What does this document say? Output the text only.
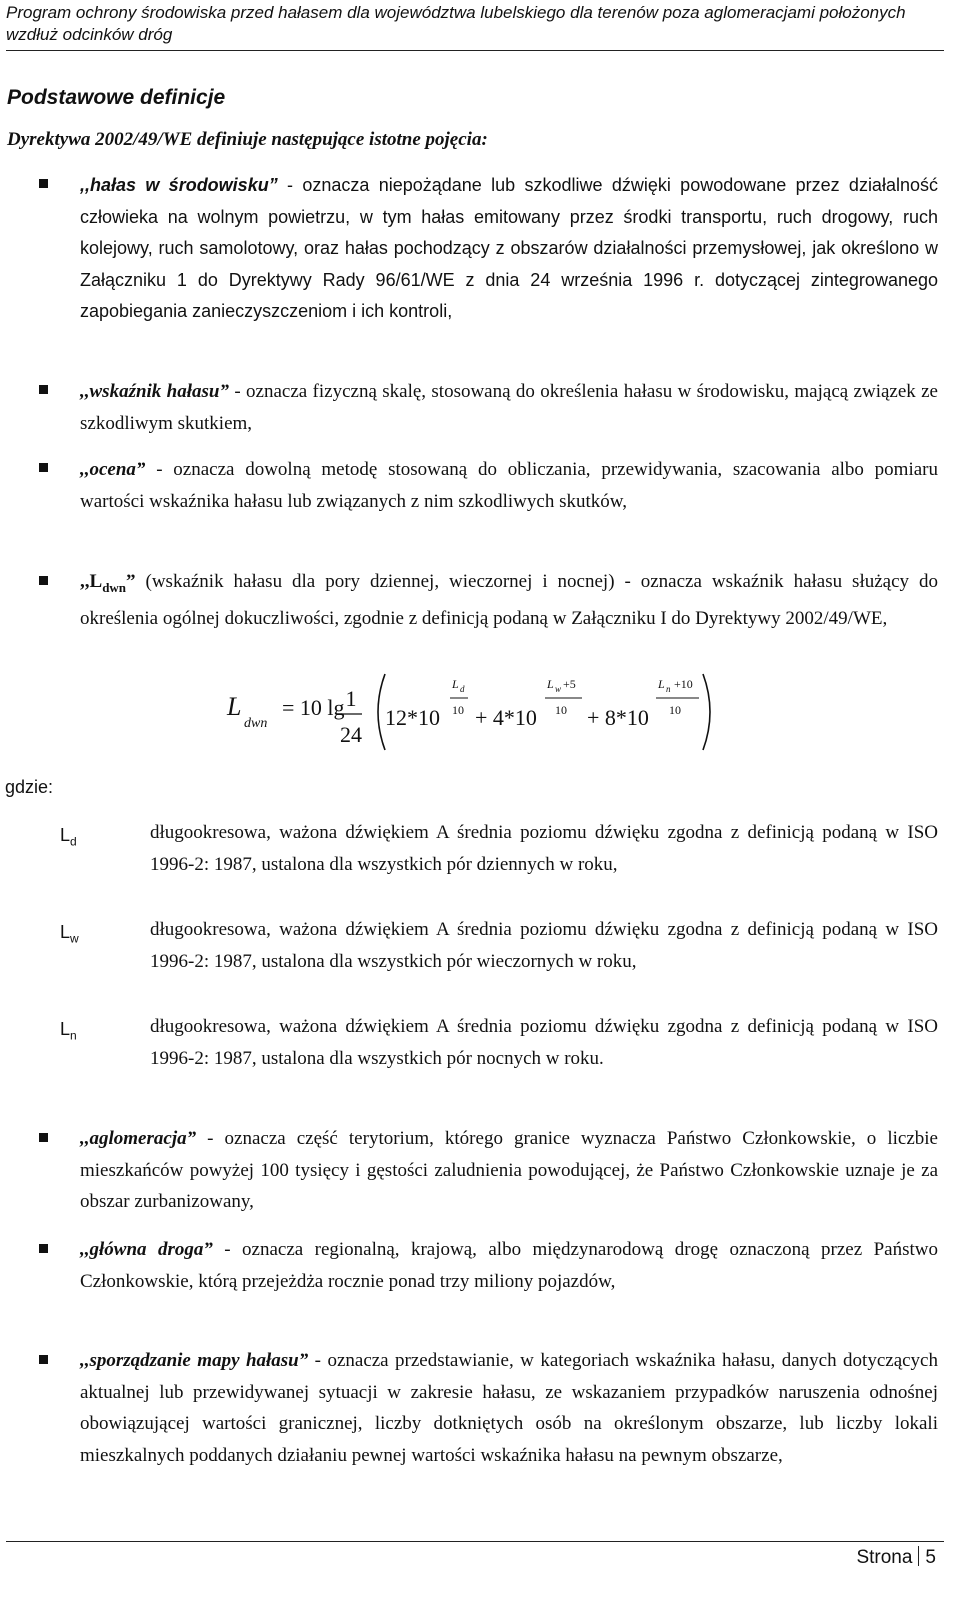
Program ochrony środowiska przed hałasem dla województwa lubelskiego dla terenów poza aglomeracjami położonych wzdłuż odcinków dróg
Podstawowe definicje
Dyrektywa 2002/49/WE definiuje następujące istotne pojęcia:
,,hałas w środowisku” - oznacza niepożądane lub szkodliwe dźwięki powodowane przez działalność człowieka na wolnym powietrzu, w tym hałas emitowany przez środki transportu, ruch drogowy, ruch kolejowy, ruch samolotowy, oraz hałas pochodzący z obszarów działalności przemysłowej, jak określono w Załączniku 1 do Dyrektywy Rady 96/61/WE z dnia 24 września 1996 r. dotyczącej zintegrowanego zapobiegania zanieczyszczeniom i ich kontroli,
,,wskaźnik hałasu” - oznacza fizyczną skalę, stosowaną do określenia hałasu w środowisku, mającą związek ze szkodliwym skutkiem,
,,ocena” - oznacza dowolną metodę stosowaną do obliczania, przewidywania, szacowania albo pomiaru wartości wskaźnika hałasu lub związanych z nim szkodliwych skutków,
$,,L_{dwn}$” (wskaźnik hałasu dla pory dziennej, wieczornej i nocnej) - oznacza wskaźnik hałasu służący do określenia ogólnej dokuczliwości, zgodnie z definicją podaną w Załączniku I do Dyrektywy 2002/49/WE,
L
dwn
= 10 lg 1
24
12*10
L d
10 + 4*10
L w +5
10 + 8*10
L n +10
10
gdzie:
$L_d$	długookresowa, ważona dźwiękiem A średnia poziomu dźwięku zgodna z definicją podaną w ISO 1996-2: 1987, ustalona dla wszystkich pór dziennych w roku,
$L_w$	długookresowa, ważona dźwiękiem A średnia poziomu dźwięku zgodna z definicją podaną w ISO 1996-2: 1987, ustalona dla wszystkich pór wieczornych w roku,
$L_n$	długookresowa, ważona dźwiękiem A średnia poziomu dźwięku zgodna z definicją podaną w ISO 1996-2: 1987, ustalona dla wszystkich pór nocnych w roku.
,,aglomeracja” - oznacza część terytorium, którego granice wyznacza Państwo Członkowskie, o liczbie mieszkańców powyżej 100 tysięcy i gęstości zaludnienia powodującej, że Państwo Członkowskie uznaje je za obszar zurbanizowany,
,,główna droga” - oznacza regionalną, krajową, albo międzynarodową drogę oznaczoną przez Państwo Członkowskie, którą przejeżdża rocznie ponad trzy miliony pojazdów,
,,sporządzanie mapy hałasu” - oznacza przedstawianie, w kategoriach wskaźnika hałasu, danych dotyczących aktualnej lub przewidywanej sytuacji w zakresie hałasu, ze wskazaniem przypadków naruszenia odnośnej obowiązującej wartości granicznej, liczby dotkniętych osób na określonym obszarze, lub liczby lokali mieszkalnych poddanych działaniu pewnej wartości wskaźnika hałasu na pewnym obszarze,
Strona 5
